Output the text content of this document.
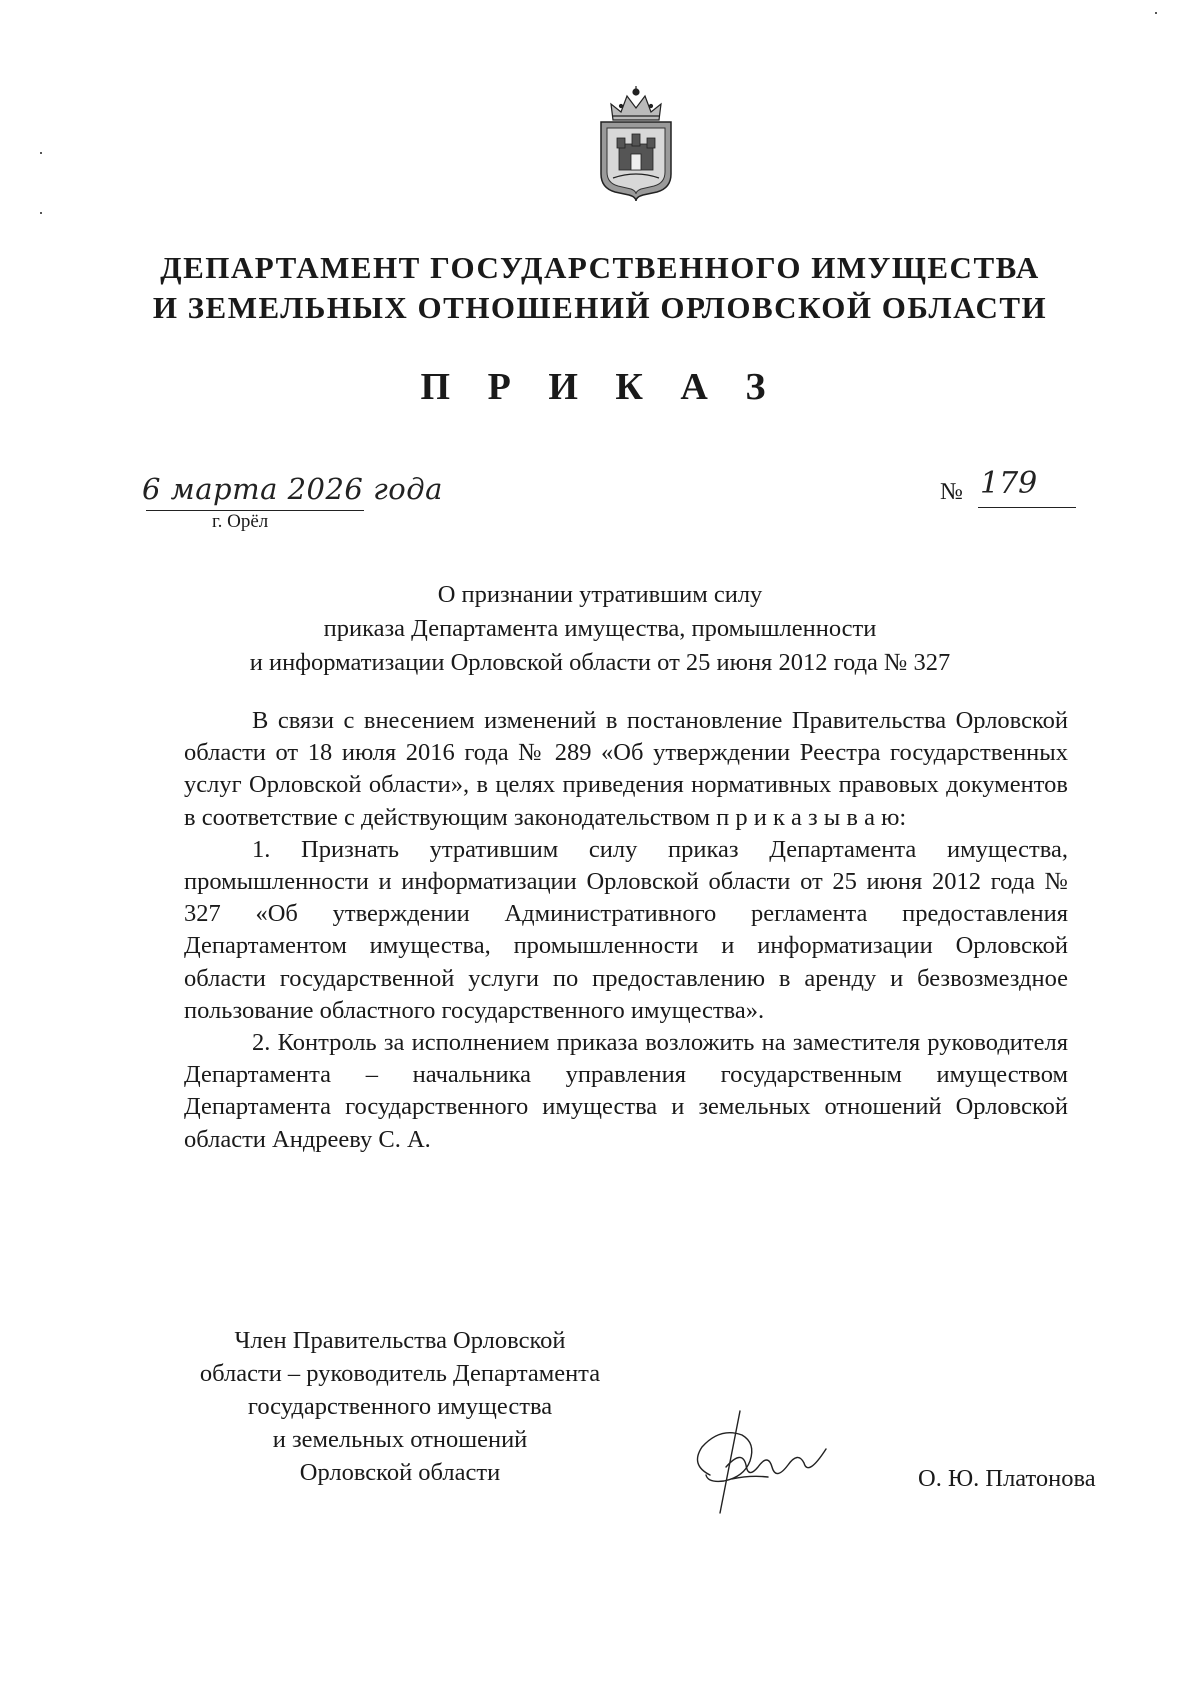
ДЕПАРТАМЕНТ ГОСУДАРСТВЕННОГО ИМУЩЕСТВА
И ЗЕМЕЛЬНЫХ ОТНОШЕНИЙ ОРЛОВСКОЙ ОБЛАСТИ
П Р И К А З
6 марта 2026 года
г. Орёл
№ 179
О признании утратившим силу
приказа Департамента имущества, промышленности
и информатизации Орловской области от 25 июня 2012 года № 327

В связи с внесением изменений в постановление Правительства Орловской области от 18 июля 2016 года № 289 «Об утверждении Реестра государственных услуг Орловской области», в целях приведения нормативных правовых документов в соответствие с действующим законодательством п р и к а з ы в а ю:

1. Признать утратившим силу приказ Департамента имущества, промышленности и информатизации Орловской области от 25 июня 2012 года № 327 «Об утверждении Административного регламента предоставления Департаментом имущества, промышленности и информатизации Орловской области государственной услуги по предоставлению в аренду и безвозмездное пользование областного государственного имущества».

2. Контроль за исполнением приказа возложить на заместителя руководителя Департамента – начальника управления государственным имуществом Департамента государственного имущества и земельных отношений Орловской области Андрееву С. А.

Член Правительства Орловской
области – руководитель Департамента
государственного имущества
и земельных отношений
Орловской области	О. Ю. Платонова
